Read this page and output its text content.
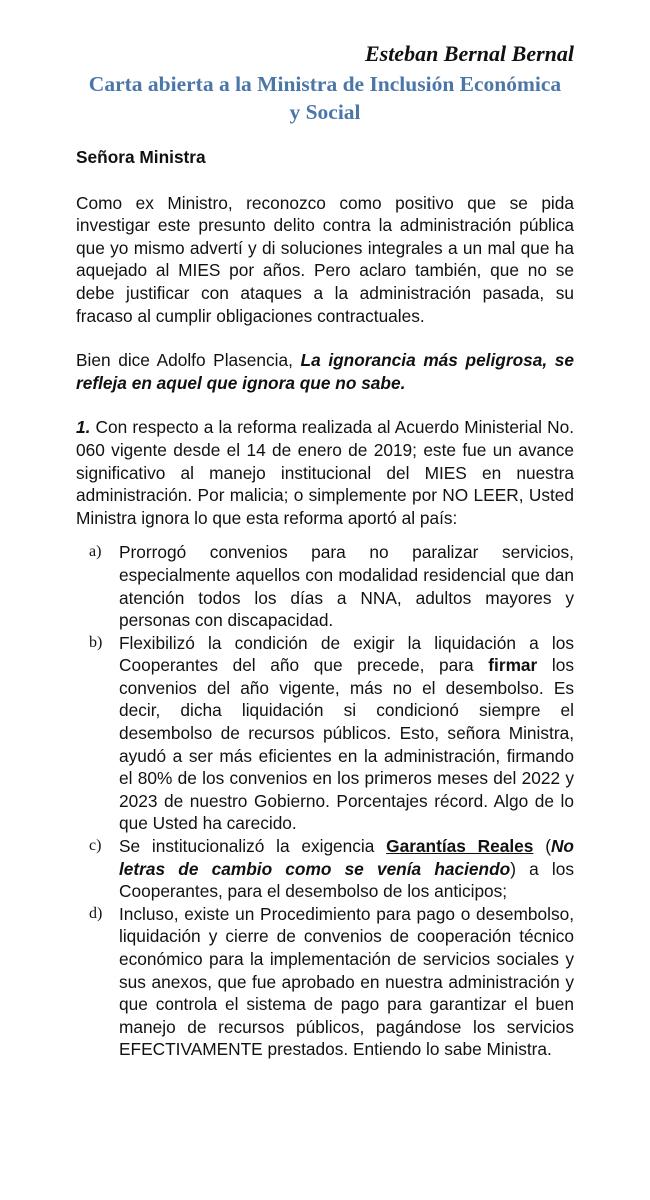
Esteban Bernal Bernal

Carta abierta a la Ministra de Inclusión Económica
y Social

Señora Ministra

Como ex Ministro, reconozco como positivo que se pida investigar este presunto delito contra la administración pública que yo mismo advertí y di soluciones integrales a un mal que ha aquejado al MIES por años. Pero aclaro también, que no se debe justificar con ataques a la administración pasada, su fracaso al cumplir obligaciones contractuales.

Bien dice Adolfo Plasencia, La ignorancia más peligrosa, se refleja en aquel que ignora que no sabe.

1. Con respecto a la reforma realizada al Acuerdo Ministerial No. 060 vigente desde el 14 de enero de 2019; este fue un avance significativo al manejo institucional del MIES en nuestra administración. Por malicia; o simplemente por NO LEER, Usted Ministra ignora lo que esta reforma aportó al país:

a) Prorrogó convenios para no paralizar servicios, especialmente aquellos con modalidad residencial que dan atención todos los días a NNA, adultos mayores y personas con discapacidad.
b) Flexibilizó la condición de exigir la liquidación a los Cooperantes del año que precede, para firmar los convenios del año vigente, más no el desembolso. Es decir, dicha liquidación si condicionó siempre el desembolso de recursos públicos. Esto, señora Ministra, ayudó a ser más eficientes en la administración, firmando el 80% de los convenios en los primeros meses del 2022 y 2023 de nuestro Gobierno. Porcentajes récord. Algo de lo que Usted ha carecido.
c) Se institucionalizó la exigencia Garantías Reales (No letras de cambio como se venía haciendo) a los Cooperantes, para el desembolso de los anticipos;
d) Incluso, existe un Procedimiento para pago o desembolso, liquidación y cierre de convenios de cooperación técnico económico para la implementación de servicios sociales y sus anexos, que fue aprobado en nuestra administración y que controla el sistema de pago para garantizar el buen manejo de recursos públicos, pagándose los servicios EFECTIVAMENTE prestados. Entiendo lo sabe Ministra.
